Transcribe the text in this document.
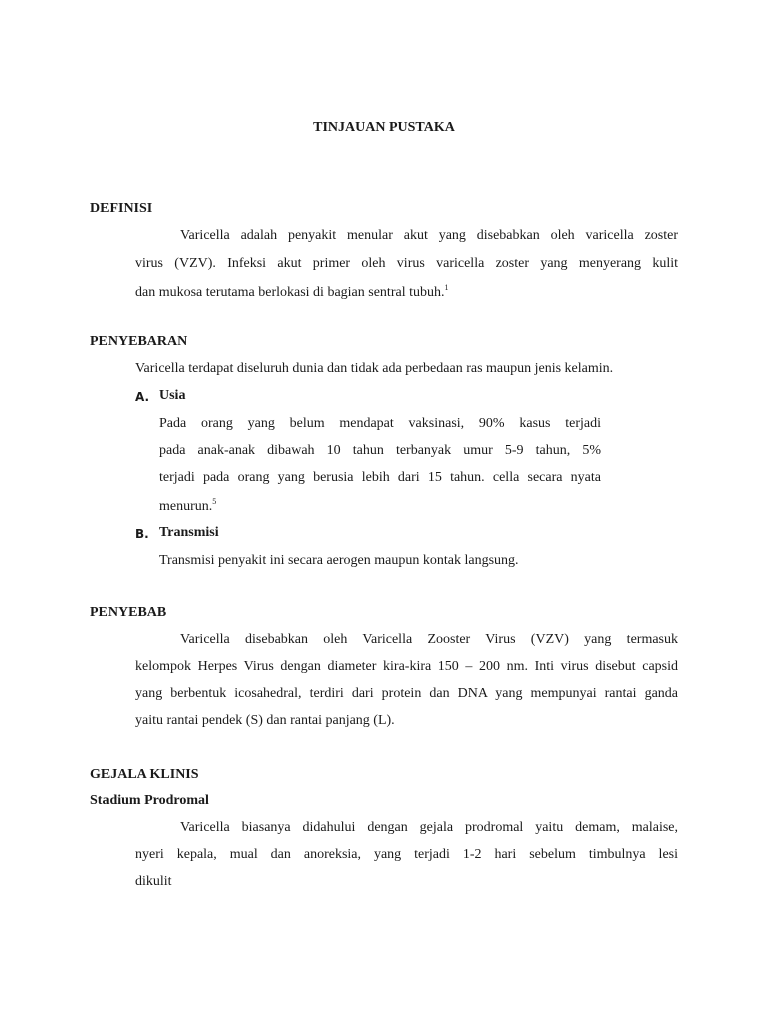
TINJAUAN PUSTAKA
DEFINISI
Varicella adalah penyakit menular akut yang disebabkan oleh varicella zoster
virus (VZV). Infeksi akut primer oleh virus varicella zoster yang menyerang kulit
dan mukosa terutama berlokasi di bagian sentral tubuh.$^1$
PENYEBARAN
Varicella terdapat diseluruh dunia dan tidak ada perbedaan ras maupun jenis kelamin.
A. Usia
Pada orang yang belum mendapat vaksinasi, 90% kasus terjadi
pada anak-anak dibawah 10 tahun terbanyak umur 5-9 tahun, 5%
terjadi pada orang yang berusia lebih dari 15 tahun. cella secara nyata
menurun.$^5$
B. Transmisi
Transmisi penyakit ini secara aerogen maupun kontak langsung.
PENYEBAB
Varicella disebabkan oleh Varicella Zooster Virus (VZV) yang termasuk
kelompok Herpes Virus dengan diameter kira-kira 150 – 200 nm. Inti virus disebut capsid
yang berbentuk icosahedral, terdiri dari protein dan DNA yang mempunyai rantai ganda
yaitu rantai pendek (S) dan rantai panjang (L).
GEJALA KLINIS
Stadium Prodromal
Varicella biasanya didahului dengan gejala prodromal yaitu demam, malaise,
nyeri kepala, mual dan anoreksia, yang terjadi 1-2 hari sebelum timbulnya lesi
dikulit
